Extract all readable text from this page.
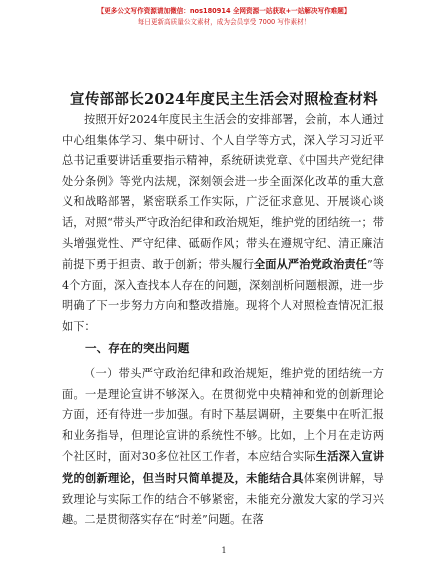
【更多公文写作资源请加微信：nos180914 全网资源一站获取+一站解决写作难题】
每日更新高质量公文素材，成为会员享受 7000 写作素材！
宣传部部长2024年度民主生活会对照检查材料
按照开好2024年度民主生活会的安排部署，会前，本人通过中心组集体学习、集中研讨、个人自学等方式，深入学习习近平总书记重要讲话重要指示精神，系统研读党章、《中国共产党纪律处分条例》等党内法规，深刻领会进一步全面深化改革的重大意义和战略部署，紧密联系工作实际，广泛征求意见、开展谈心谈话，对照“带头严守政治纪律和政治规矩，维护党的团结统一；带头增强党性、严守纪律、砥砺作风；带头在遵规守纪、清正廉洁前提下勇于担责、敢于创新；带头履行全面从严治党政治责任”等4个方面，深入查找本人存在的问题，深刻剖析问题根源，进一步明确了下一步努力方向和整改措施。现将个人对照检查情况汇报如下：
一、存在的突出问题
（一）带头严守政治纪律和政治规矩，维护党的团结统一方面。一是理论宣讲不够深入。在贯彻党中央精神和党的创新理论方面，还有待进一步加强。有时下基层调研，主要集中在听汇报和业务指导，但理论宣讲的系统性不够。比如，上个月在走访两个社区时，面对30多位社区工作者，本应结合实际生活深入宣讲党的创新理论，但当时只简单提及，未能结合具体案例讲解，导致理论与实际工作的结合不够紧密，未能充分激发大家的学习兴趣。二是贯彻落实存在“时差”问题。在落
1
